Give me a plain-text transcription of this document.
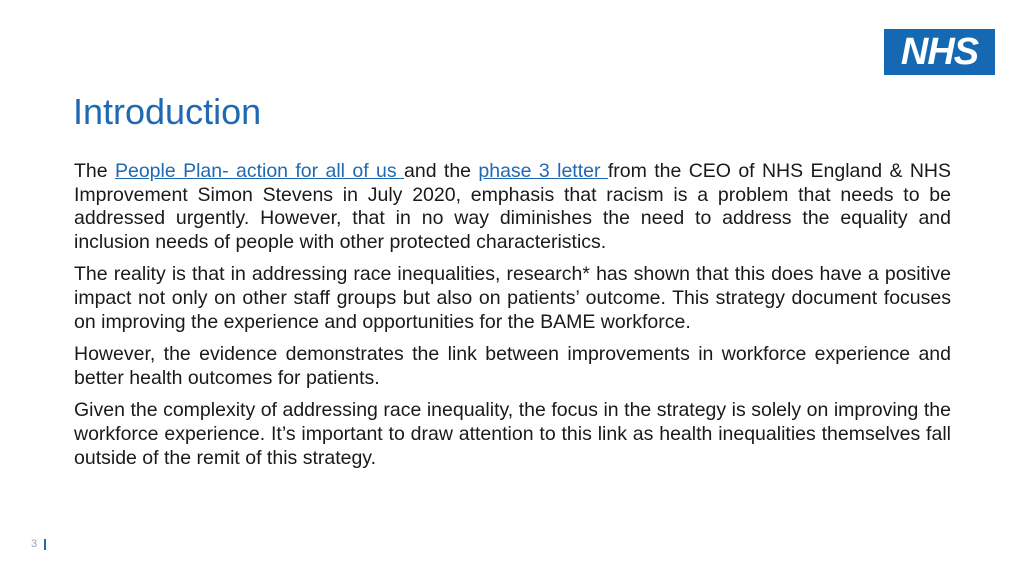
NHS
Introduction

The People Plan- action for all of us and the phase 3 letter from the CEO of NHS England & NHS Improvement Simon Stevens in July 2020, emphasis that racism is a problem that needs to be addressed urgently. However, that in no way diminishes the need to address the equality and inclusion needs of people with other protected characteristics.

The reality is that in addressing race inequalities, research* has shown that this does have a positive impact not only on other staff groups but also on patients’ outcome. This strategy document focuses on improving the experience and opportunities for the BAME workforce.

However, the evidence demonstrates the link between improvements in workforce experience and better health outcomes for patients.

Given the complexity of addressing race inequality, the focus in the strategy is solely on improving the workforce experience. It’s important to draw attention to this link as health inequalities themselves fall outside of the remit of this strategy.

3
